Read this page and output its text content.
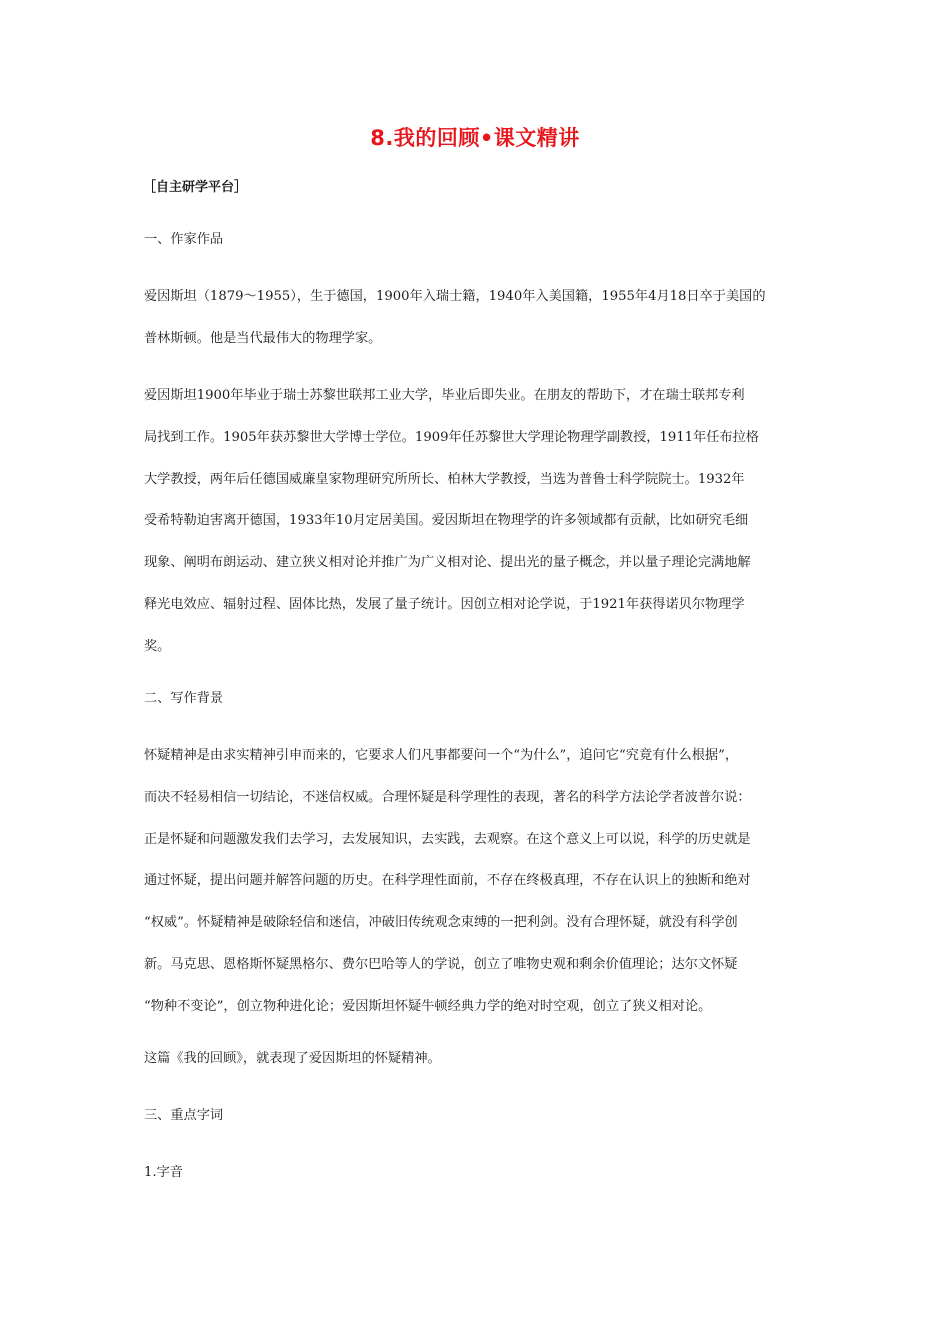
8.我的回顾•课文精讲
［自主研学平台］
一、作家作品
爱因斯坦（1879～1955），生于德国，1900年入瑞士籍，1940年入美国籍，1955年4月18日卒于美国的
普林斯顿。他是当代最伟大的物理学家。
爱因斯坦1900年毕业于瑞士苏黎世联邦工业大学，毕业后即失业。在朋友的帮助下，才在瑞士联邦专利
局找到工作。1905年获苏黎世大学博士学位。1909年任苏黎世大学理论物理学副教授，1911年任布拉格
大学教授，两年后任德国威廉皇家物理研究所所长、柏林大学教授，当选为普鲁士科学院院士。1932年
受希特勒迫害离开德国，1933年10月定居美国。爱因斯坦在物理学的许多领域都有贡献，比如研究毛细
现象、阐明布朗运动、建立狭义相对论并推广为广义相对论、提出光的量子概念，并以量子理论完满地解
释光电效应、辐射过程、固体比热，发展了量子统计。因创立相对论学说，于1921年获得诺贝尔物理学
奖。
二、写作背景
怀疑精神是由求实精神引申而来的，它要求人们凡事都要问一个“为什么”，追问它“究竟有什么根据”，
而决不轻易相信一切结论，不迷信权威。合理怀疑是科学理性的表现，著名的科学方法论学者波普尔说：
正是怀疑和问题激发我们去学习，去发展知识，去实践，去观察。在这个意义上可以说，科学的历史就是
通过怀疑，提出问题并解答问题的历史。在科学理性面前，不存在终极真理，不存在认识上的独断和绝对
“权威”。怀疑精神是破除轻信和迷信，冲破旧传统观念束缚的一把利剑。没有合理怀疑，就没有科学创
新。马克思、恩格斯怀疑黑格尔、费尔巴哈等人的学说，创立了唯物史观和剩余价值理论；达尔文怀疑
“物种不变论”，创立物种进化论；爱因斯坦怀疑牛顿经典力学的绝对时空观，创立了狭义相对论。
这篇《我的回顾》，就表现了爱因斯坦的怀疑精神。
三、重点字词
1.字音
